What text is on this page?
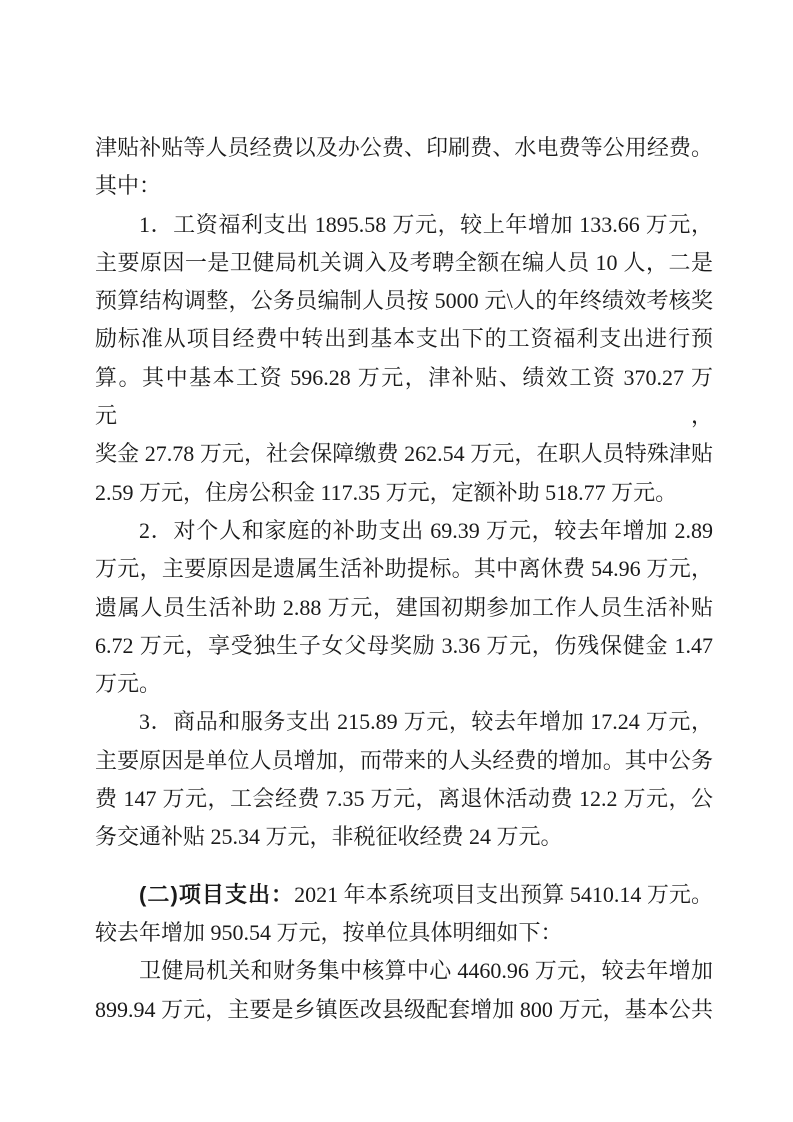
津贴补贴等人员经费以及办公费、印刷费、水电费等公用经费。
其中：
1．工资福利支出 1895.58 万元，较上年增加 133.66 万元，
主要原因一是卫健局机关调入及考聘全额在编人员 10 人，二是
预算结构调整，公务员编制人员按 5000 元\人的年终绩效考核奖
励标准从项目经费中转出到基本支出下的工资福利支出进行预
算。其中基本工资 596.28 万元，津补贴、绩效工资 370.27 万元，
奖金 27.78 万元，社会保障缴费 262.54 万元，在职人员特殊津贴
2.59 万元，住房公积金 117.35 万元，定额补助 518.77 万元。
2．对个人和家庭的补助支出 69.39 万元，较去年增加 2.89
万元，主要原因是遗属生活补助提标。其中离休费 54.96 万元，
遗属人员生活补助 2.88 万元，建国初期参加工作人员生活补贴
6.72 万元，享受独生子女父母奖励 3.36 万元，伤残保健金 1.47
万元。
3．商品和服务支出 215.89 万元，较去年增加 17.24 万元，
主要原因是单位人员增加，而带来的人头经费的增加。其中公务
费 147 万元，工会经费 7.35 万元，离退休活动费 12.2 万元，公
务交通补贴 25.34 万元，非税征收经费 24 万元。
(二)项目支出：2021 年本系统项目支出预算 5410.14 万元。
较去年增加 950.54 万元，按单位具体明细如下：
卫健局机关和财务集中核算中心 4460.96 万元，较去年增加
899.94 万元，主要是乡镇医改县级配套增加 800 万元，基本公共
